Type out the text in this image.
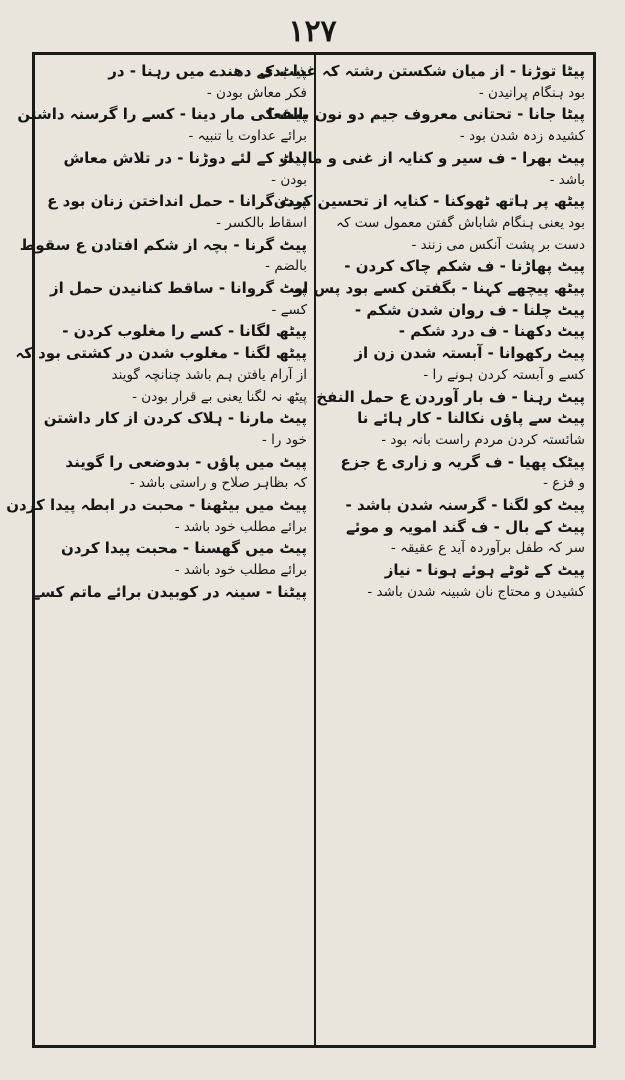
۱۲۷
پیٹا توڑنا - از میان شکستن رشتہ کہ غذا بدی
بود ہنگام پرانیدن -
پیٹا جانا - تحتانی معروف جیم دو نون بالفعا
کشیدہ زدہ شدن بود -
پیٹ بھرا - ف سیر و کنایہ از غنی و مالدار
باشد -
پیٹھ پر ہاتھ ٹھوکنا - کنایہ از تحسین کردن
بود یعنی ہنگام شاباش گفتن معمول ست کہ
دست بر پشت آنکس می زنند -
پیٹ پھاڑنا - ف شکم چاک کردن -
پیٹھ پیچھے کہنا - بگفتن کسے بود پس او
پیٹ چلنا - ف روان شدن شکم -
پیٹ دکھنا - ف درد شکم -
پیٹ رکھوانا - آبستہ شدن زن از
کسے و آبستہ کردن ہونے را -
پیٹ رہنا - ف بار آوردن ع حمل النفخ
پیٹ سے پاؤں نکالنا - کار ہائے نا
شائستہ کردن مردم راست بانہ بود -
پیٹک پھیا - ف گریہ و زاری ع جزع
و فزع -
پیٹ کو لگنا - گرسنہ شدن باشد -
پیٹ کے بال - ف گند امویہ و موئے
سر کہ طفل برآوردہ آید ع عقیقہ -
پیٹ کے ٹوٹے ہوئے ہونا - نیاز
کشیدن و محتاج نان شبینہ شدن باشد -
پیٹ کے دھندے میں رہنا - در
فکر معاش بودن -
پیٹ کی مار دینا - کسے را گرسنہ داشتن
برائے عداوت یا تنبیہ -
پیٹ کے لئے دوڑنا - در تلاش معاش
بودن -
پیٹ گرانا - حمل انداختن زنان بود ع
اسقاط بالکسر -
پیٹ گرنا - بچہ از شکم افتادن ع سقوط
بالضم -
پیٹ گروانا - ساقط کنانیدن حمل از
کسے -
پیٹھ لگانا - کسے را مغلوب کردن -
پیٹھ لگنا - مغلوب شدن در کشتی بود کہ
از آرام یافتن ہم باشد چنانچہ گویند
پیٹھ نہ لگنا یعنی بے قرار بودن -
پیٹ مارنا - ہلاک کردن از کار داشتن
خود را -
پیٹ میں پاؤں - بدوضعی را گویند
کہ بظاہر صلاح و راستی باشد -
پیٹ میں بیٹھنا - محبت در ابطہ پیدا کردن
برائے مطلب خود باشد -
پیٹ میں گھسنا - محبت پیدا کردن
برائے مطلب خود باشد -
پیٹنا - سینہ در کوبیدن برائے ماتم کسے
